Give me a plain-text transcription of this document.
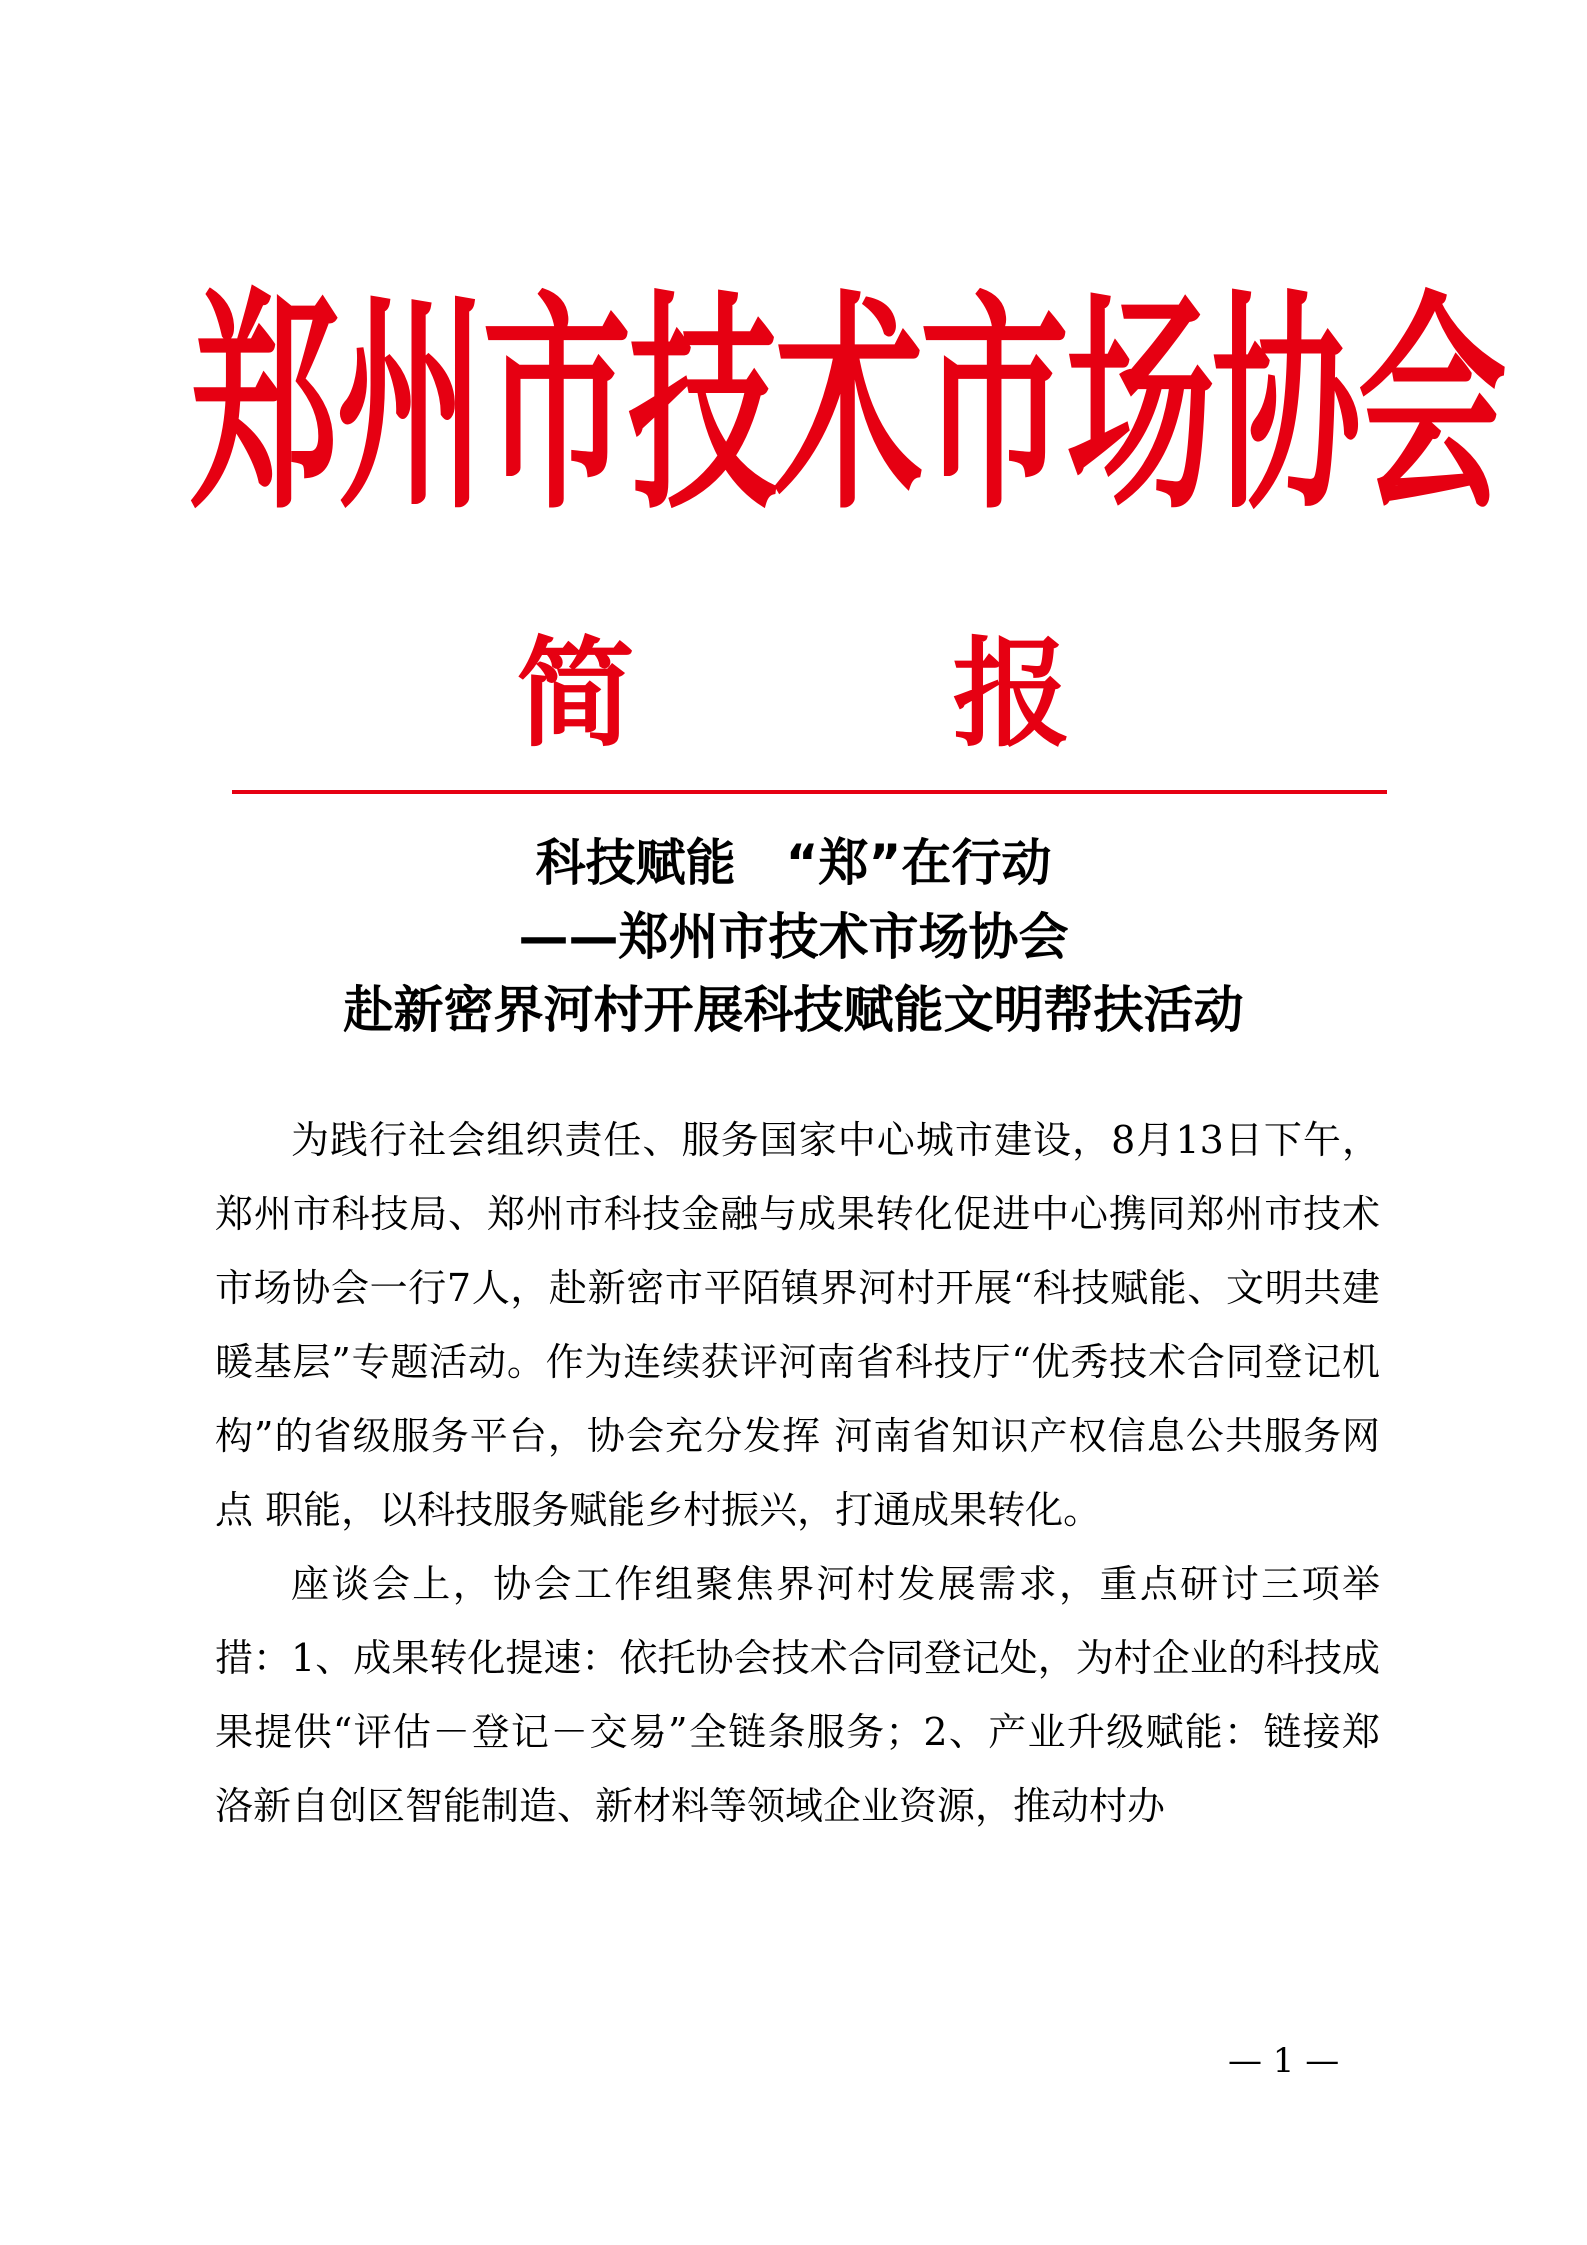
郑州市技术市场协会
简　报
科技赋能　“郑”在行动
——郑州市技术市场协会
赴新密界河村开展科技赋能文明帮扶活动

为践行社会组织责任、服务国家中心城市建设，8月13日下午，郑州市科技局、郑州市科技金融与成果转化促进中心携同郑州市技术市场协会一行7人，赴新密市平陌镇界河村开展“科技赋能、文明共建暖基层”专题活动。作为连续获评河南省科技厅“优秀技术合同登记机构”的省级服务平台，协会充分发挥 河南省知识产权信息公共服务网点 职能，以科技服务赋能乡村振兴，打通成果转化。

座谈会上，协会工作组聚焦界河村发展需求，重点研讨三项举措：1、成果转化提速：依托协会技术合同登记处，为村企业的科技成果提供“评估－登记－交易”全链条服务；2、产业升级赋能：链接郑洛新自创区智能制造、新材料等领域企业资源，推动村办

— 1 —
